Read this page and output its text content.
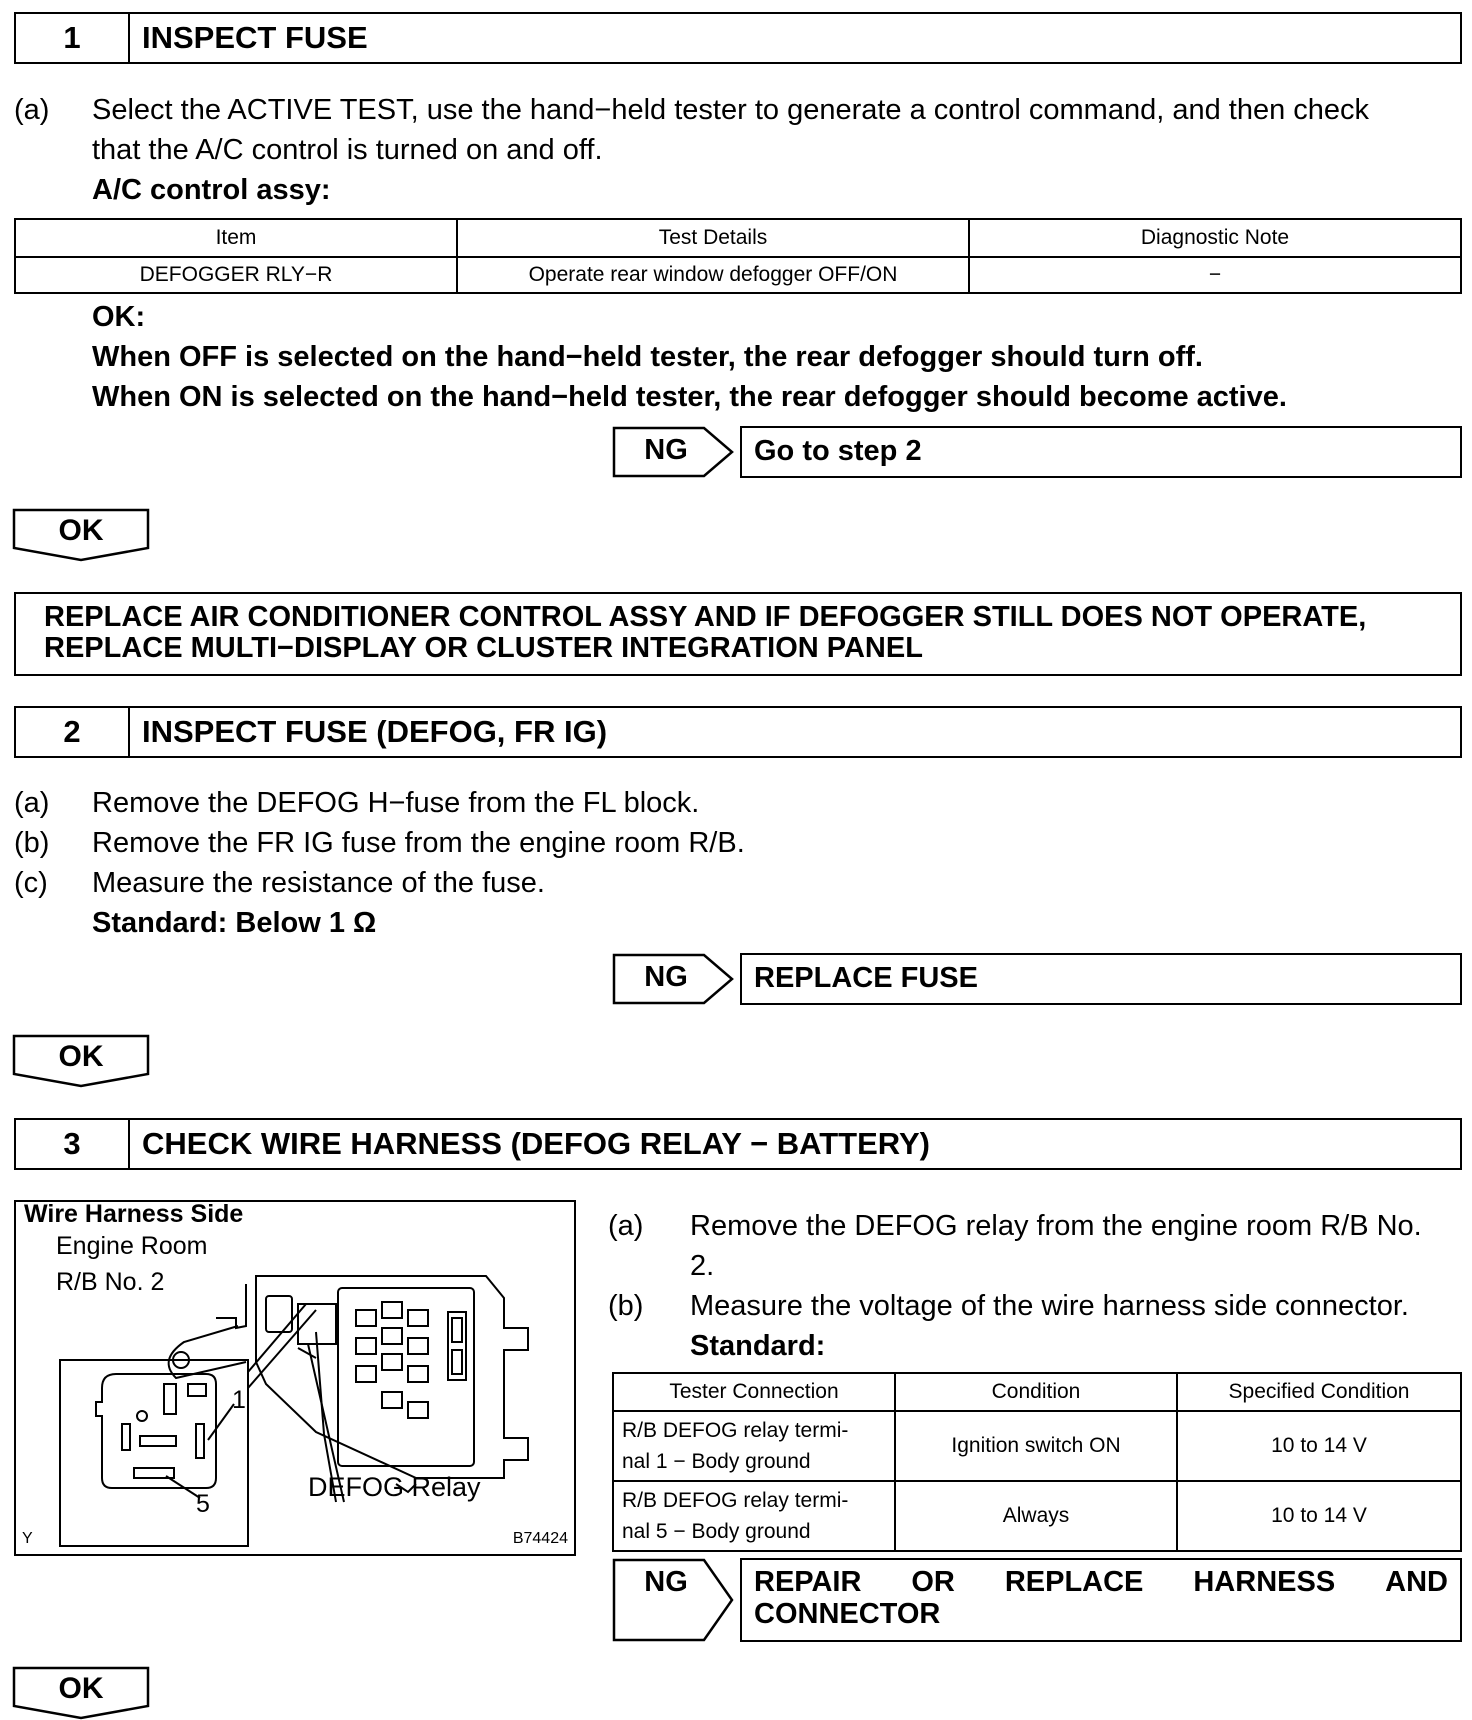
1	INSPECT FUSE
(a) Select the ACTIVE TEST, use the hand−held tester to generate a control command, and then check
that the A/C control is turned on and off.
A/C control assy:
Item	Test Details	Diagnostic Note
DEFOGGER RLY−R	Operate rear window defogger OFF/ON	−
OK:
When OFF is selected on the hand−held tester, the rear defogger should turn off.
When ON is selected on the hand−held tester, the rear defogger should become active.
NG	Go to step 2
OK
REPLACE AIR CONDITIONER CONTROL ASSY AND IF DEFOGGER STILL DOES NOT OPERATE,
REPLACE MULTI−DISPLAY OR CLUSTER INTEGRATION PANEL
2	INSPECT FUSE (DEFOG, FR IG)
(a) Remove the DEFOG H−fuse from the FL block.
(b) Remove the FR IG fuse from the engine room R/B.
(c) Measure the resistance of the fuse.
Standard: Below 1 Ω
NG	REPLACE FUSE
OK
3	CHECK WIRE HARNESS (DEFOG RELAY − BATTERY)
Wire Harness Side
Engine Room
R/B No. 2
1
5
DEFOG Relay
Y	B74424
(a) Remove the DEFOG relay from the engine room R/B No.
2.
(b) Measure the voltage of the wire harness side connector.
Standard:
Tester Connection	Condition	Specified Condition

R/B DEFOG relay termi-
nal 1 − Body ground	Ignition switch ON	10 to 14 V

R/B DEFOG relay termi-
nal 5 − Body ground	Always	10 to 14 V
NG	REPAIR OR REPLACE HARNESS AND
CONNECTOR
OK
